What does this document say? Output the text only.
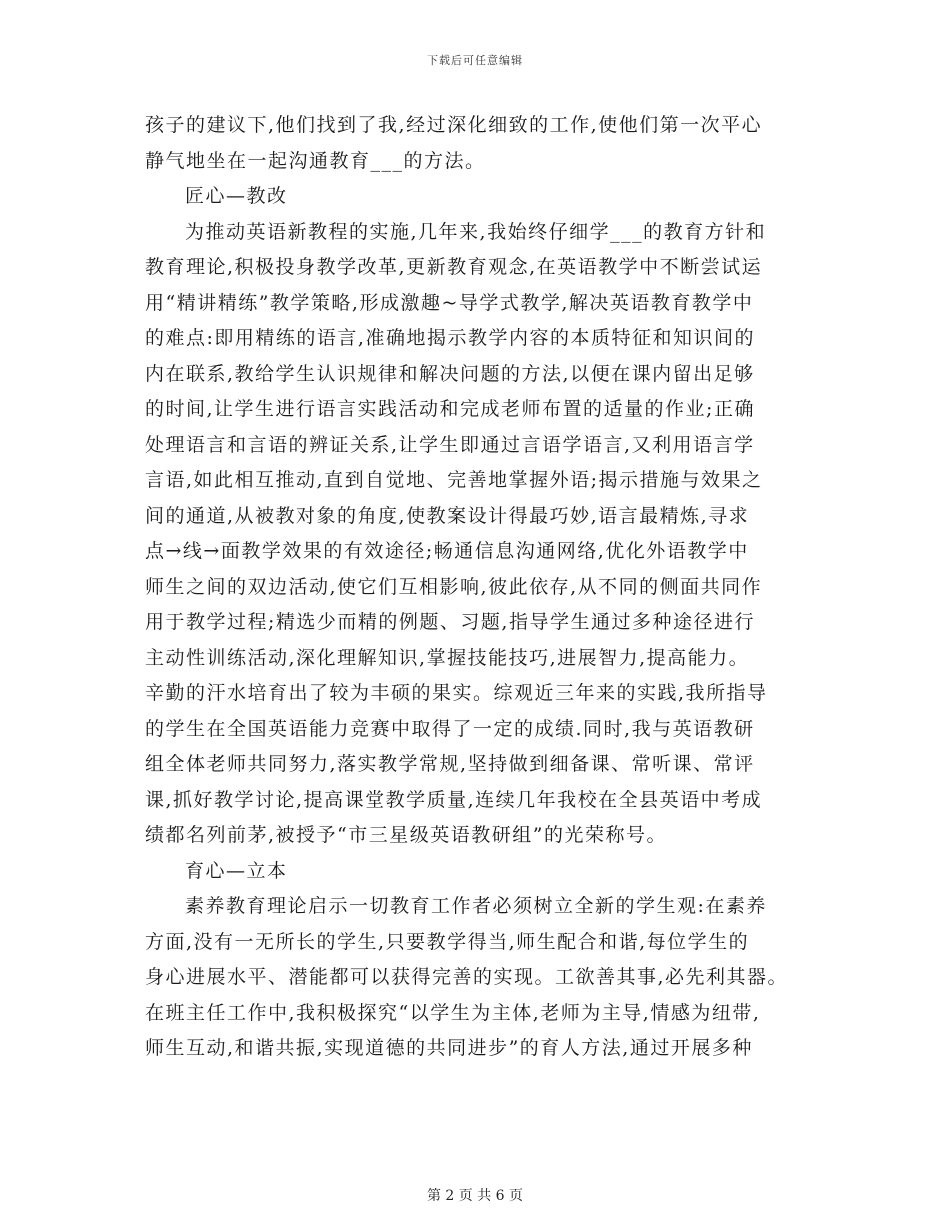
下载后可任意编辑
孩子的建议下,他们找到了我,经过深化细致的工作,使他们第一次平心
静气地坐在一起沟通教育___的方法。
匠心—教改
为推动英语新教程的实施,几年来,我始终仔细学___的教育方针和
教育理论,积极投身教学改革,更新教育观念,在英语教学中不断尝试运
用“精讲精练”教学策略,形成激趣~导学式教学,解决英语教育教学中
的难点:即用精练的语言,准确地揭示教学内容的本质特征和知识间的
内在联系,教给学生认识规律和解决问题的方法,以便在课内留出足够
的时间,让学生进行语言实践活动和完成老师布置的适量的作业;正确
处理语言和言语的辨证关系,让学生即通过言语学语言,又利用语言学
言语,如此相互推动,直到自觉地、完善地掌握外语;揭示措施与效果之
间的通道,从被教对象的角度,使教案设计得最巧妙,语言最精炼,寻求
点→线→面教学效果的有效途径;畅通信息沟通网络,优化外语教学中
师生之间的双边活动,使它们互相影响,彼此依存,从不同的侧面共同作
用于教学过程;精选少而精的例题、习题,指导学生通过多种途径进行
主动性训练活动,深化理解知识,掌握技能技巧,进展智力,提高能力。
辛勤的汗水培育出了较为丰硕的果实。综观近三年来的实践,我所指导
的学生在全国英语能力竞赛中取得了一定的成绩.同时,我与英语教研
组全体老师共同努力,落实教学常规,坚持做到细备课、常听课、常评
课,抓好教学讨论,提高课堂教学质量,连续几年我校在全县英语中考成
绩都名列前茅,被授予“市三星级英语教研组”的光荣称号。
育心—立本
素养教育理论启示一切教育工作者必须树立全新的学生观:在素养
方面,没有一无所长的学生,只要教学得当,师生配合和谐,每位学生的
身心进展水平、潜能都可以获得完善的实现。工欲善其事,必先利其器。
在班主任工作中,我积极探究“以学生为主体,老师为主导,情感为纽带,
师生互动,和谐共振,实现道德的共同进步”的育人方法,通过开展多种
第 2 页 共 6 页
